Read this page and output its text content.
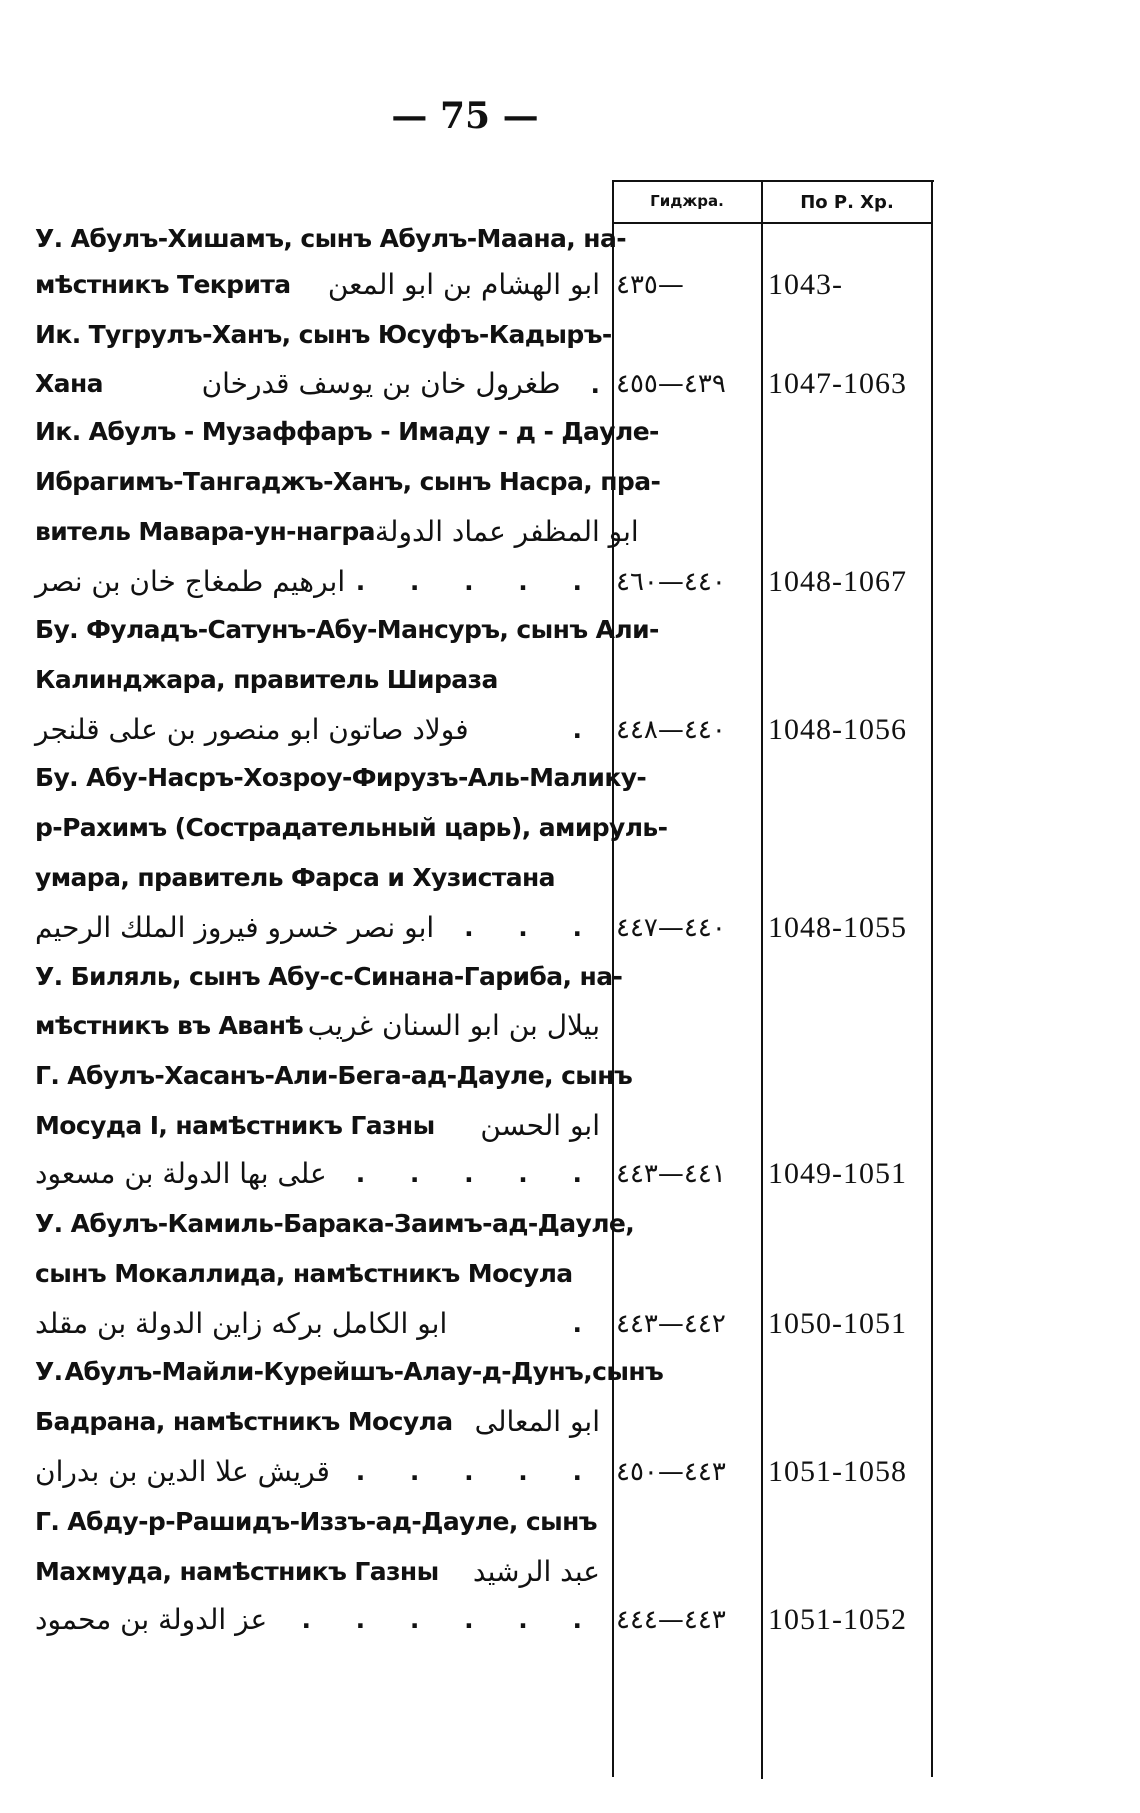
— 75 —
Гиджра.	По Р. Хр.
У. Абулъ-Хишамъ, сынъ Абулъ-Маана, на-
мѣстникъ Текрита ابو الهشام بن ابو المعن ٤٣٥—	1043-
Ик. Тугрулъ-Ханъ, сынъ Юсуфъ-Кадыръ-
Хана	طغرول خان بن يوسف قدرخان . ٤٣٩—٤٥٥	1047-1063
Ик. Абулъ - Музаффаръ - Имаду - д - Дауле-
Ибрагимъ-Тангаджъ-Ханъ, сынъ Насра, пра-
витель Мавара-ун-награ ابو المظفر عماد الدولة
ابرهيم طمغاج خان بن نصر . . . . . ٤٤٠—٤٦٠	1048-1067
Бу. Фуладъ-Сатунъ-Абу-Мансуръ, сынъ Али-
Калинджара, правитель Шираза
فولاد صاتون ابو منصور بن على قلنجر	. ٤٤٠—٤٤٨	1048-1056
Бу. Абу-Насръ-Хозроу-Фирузъ-Аль-Малику-
р-Рахимъ (Сострадательный царь), амируль-
умара, правитель Фарса и Хузистана
ابو نصر خسرو فيروز الملك الرحيم . . . ٤٤٠—٤٤٧	1048-1055
У. Биляль, сынъ Абу-с-Синана-Гариба, на-
мѣстникъ въ Аванѣ بيلال بن ابو السنان غريب
Г. Абулъ-Хасанъ-Али-Бега-ад-Дауле, сынъ
Мосуда I, намѣстникъ Газны ابو الحسن
على بها الدولة بن مسعود . . . . . ٤٤١—٤٤٣	1049-1051
У. Абулъ-Камиль-Барака-Заимъ-ад-Дауле,
сынъ Мокаллида, намѣстникъ Мосула
ابو الكامل بركه زاين الدولة بن مقلد	. ٤٤٢—٤٤٣	1050-1051
У.Абулъ-Майли-Курейшъ-Алау-д-Дунъ,сынъ
Бадрана, намѣстникъ Мосула ابو المعالى
قريش علا الدين بن بدران . . . . . ٤٤٣—٤٥٠	1051-1058
Г. Абду-р-Рашидъ-Иззъ-ад-Дауле, сынъ
Махмуда, намѣстникъ Газны عبد الرشيد
عز الدولة بن محمود . . . . . . ٤٤٣—٤٤٤	1051-1052
